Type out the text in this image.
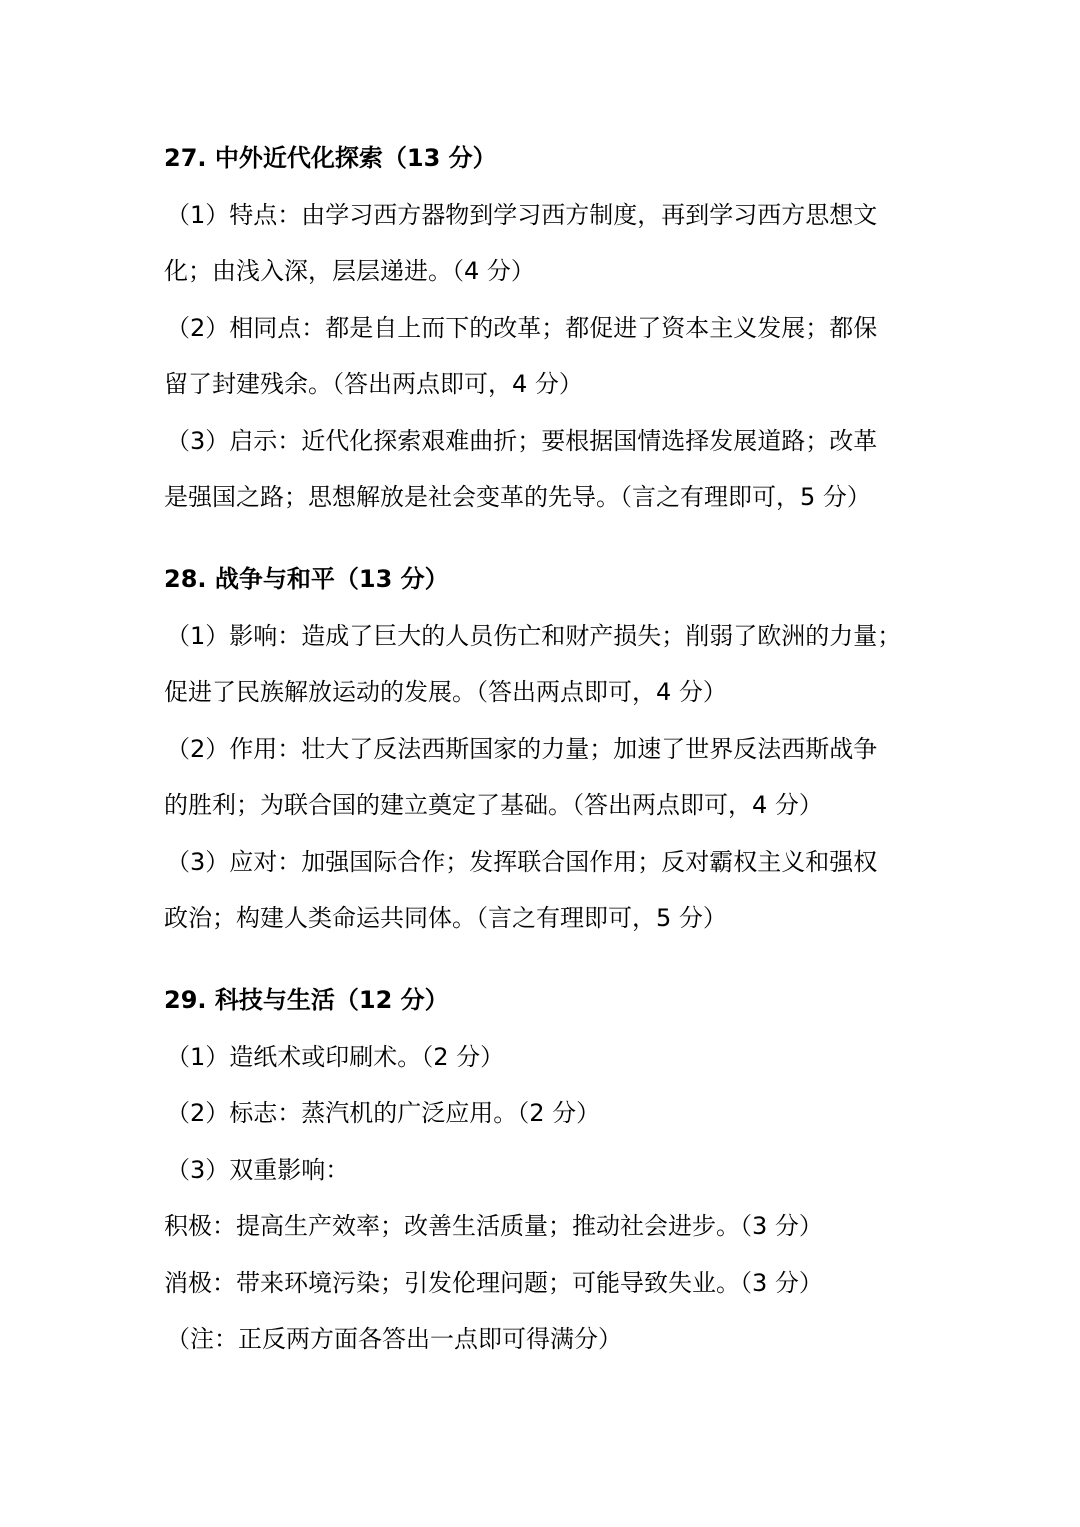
27. 中外近代化探索（13 分）
（1）特点：由学习西方器物到学习西方制度，再到学习西方思想文
化；由浅入深，层层递进。（4 分）
（2）相同点：都是自上而下的改革；都促进了资本主义发展；都保
留了封建残余。（答出两点即可，4 分）
（3）启示：近代化探索艰难曲折；要根据国情选择发展道路；改革
是强国之路；思想解放是社会变革的先导。（言之有理即可，5 分）
28. 战争与和平（13 分）
（1）影响：造成了巨大的人员伤亡和财产损失；削弱了欧洲的力量；
促进了民族解放运动的发展。（答出两点即可，4 分）
（2）作用：壮大了反法西斯国家的力量；加速了世界反法西斯战争
的胜利；为联合国的建立奠定了基础。（答出两点即可，4 分）
（3）应对：加强国际合作；发挥联合国作用；反对霸权主义和强权
政治；构建人类命运共同体。（言之有理即可，5 分）
29. 科技与生活（12 分）
（1）造纸术或印刷术。（2 分）
（2）标志：蒸汽机的广泛应用。（2 分）
（3）双重影响：
积极：提高生产效率；改善生活质量；推动社会进步。（3 分）
消极：带来环境污染；引发伦理问题；可能导致失业。（3 分）
（注：正反两方面各答出一点即可得满分）
